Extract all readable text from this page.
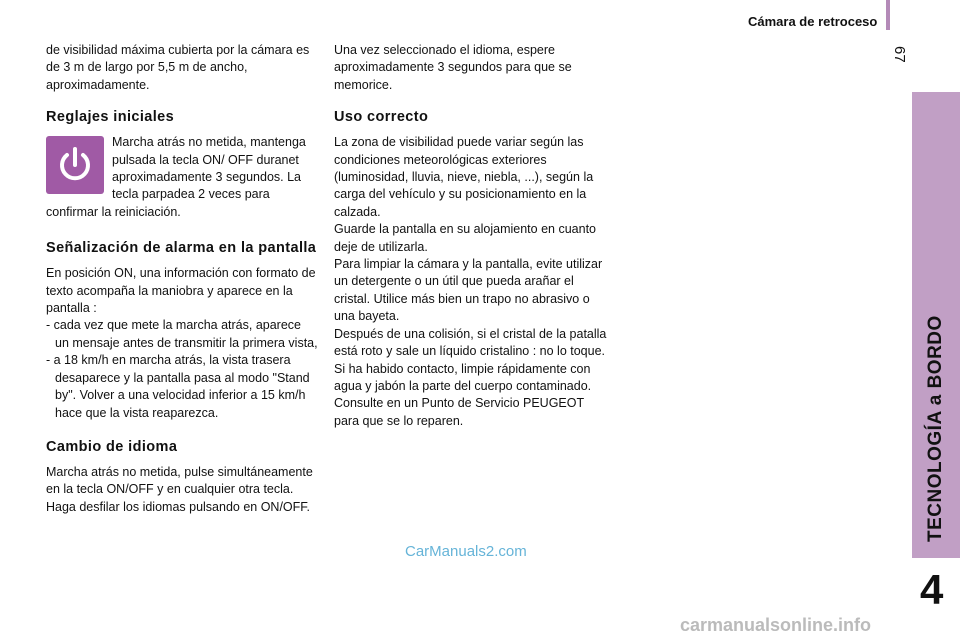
Cámara de retroceso
67
TECNOLOGÍA a BORDO
4

de visibilidad máxima cubierta por la cámara es de 3 m de largo por 5,5 m de ancho, aproximadamente.

Reglajes iniciales

Marcha atrás no metida, mantenga pulsada la tecla ON/ OFF duranet aproximadamente 3 segundos. La tecla parpadea 2 veces para confirmar la reiniciación.

Señalización de alarma en la pantalla

En posición ON, una información con formato de texto acompaña la maniobra y aparece en la pantalla :

- cada vez que mete la marcha atrás, aparece un mensaje antes de transmitir la primera vista,

- a 18 km/h en marcha atrás, la vista trasera desaparece y la pantalla pasa al modo "Stand by". Volver a una velocidad inferior a 15 km/h hace que la vista reaparezca.

Cambio de idioma

Marcha atrás no metida, pulse simultáneamente en la tecla ON/OFF y en cualquier otra tecla.

Haga desfilar los idiomas pulsando en ON/OFF.

Una vez seleccionado el idioma, espere aproximadamente 3 segundos para que se memorice.

Uso correcto

La zona de visibilidad puede variar según las condiciones meteorológicas exteriores (luminosidad, lluvia, nieve, niebla, ...), según la carga del vehículo y su posicionamiento en la calzada.

Guarde la pantalla en su alojamiento en cuanto deje de utilizarla.

Para limpiar la cámara y la pantalla, evite utilizar un detergente o un útil que pueda arañar el cristal. Utilice más bien un trapo no abrasivo o una bayeta.

Después de una colisión, si el cristal de la patalla está roto y sale un líquido cristalino : no lo toque. Si ha habido contacto, limpie rápidamente con agua y jabón la parte del cuerpo contaminado. Consulte en un Punto de Servicio PEUGEOT para que se lo reparen.

CarManuals2.com
carmanualsonline.info
